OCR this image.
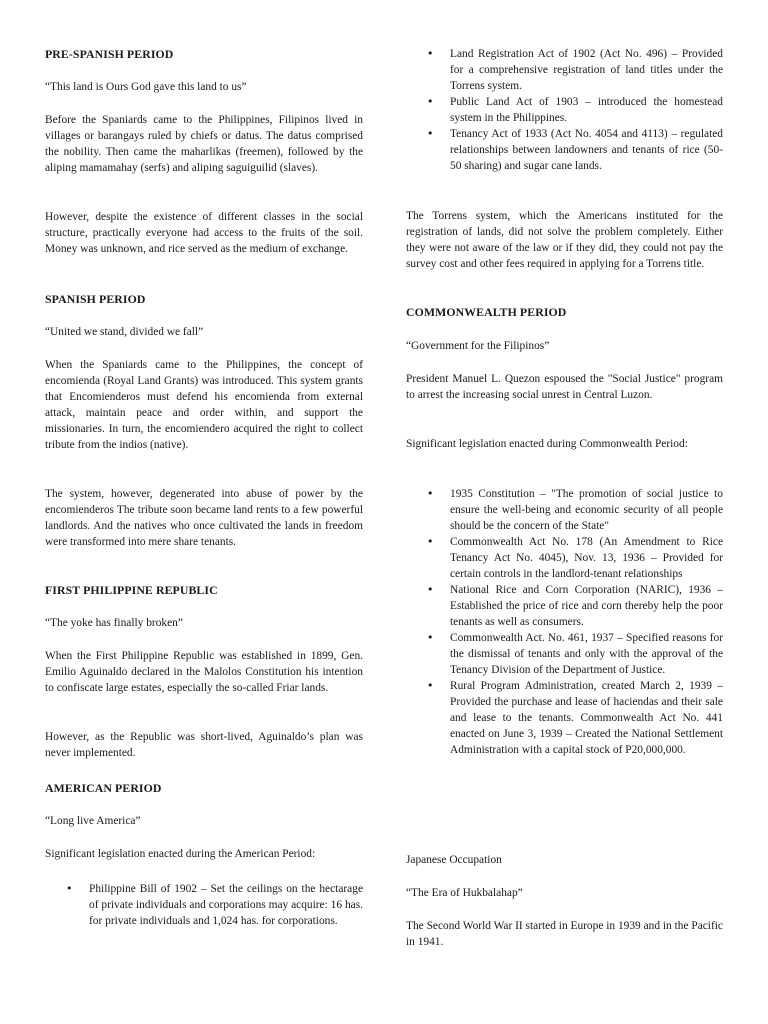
PRE-SPANISH PERIOD
“This land is Ours God gave this land to us”
Before the Spaniards came to the Philippines, Filipinos lived in villages or barangays ruled by chiefs or datus. The datus comprised the nobility. Then came the maharlikas (freemen), followed by the aliping mamamahay (serfs) and aliping saguiguilid (slaves).
However, despite the existence of different classes in the social structure, practically everyone had access to the fruits of the soil. Money was unknown, and rice served as the medium of exchange.
SPANISH PERIOD
“United we stand, divided we fall”
When the Spaniards came to the Philippines, the concept of encomienda (Royal Land Grants) was introduced. This system grants that Encomienderos must defend his encomienda from external attack, maintain peace and order within, and support the missionaries. In turn, the encomiendero acquired the right to collect tribute from the indios (native).
The system, however, degenerated into abuse of power by the encomienderos The tribute soon became land rents to a few powerful landlords. And the natives who once cultivated the lands in freedom were transformed into mere share tenants.
FIRST PHILIPPINE REPUBLIC
“The yoke has finally broken”
When the First Philippine Republic was established in 1899, Gen. Emilio Aguinaldo declared in the Malolos Constitution his intention to confiscate large estates, especially the so-called Friar lands.
However, as the Republic was short-lived, Aguinaldo’s plan was never implemented.
AMERICAN PERIOD
“Long live America”
Significant legislation enacted during the American Period:
• Philippine Bill of 1902 – Set the ceilings on the hectarage of private individuals and corporations may acquire: 16 has. for private individuals and 1,024 has. for corporations.
• Land Registration Act of 1902 (Act No. 496) – Provided for a comprehensive registration of land titles under the Torrens system.
• Public Land Act of 1903 – introduced the homestead system in the Philippines.
• Tenancy Act of 1933 (Act No. 4054 and 4113) – regulated relationships between landowners and tenants of rice (50-50 sharing) and sugar cane lands.
The Torrens system, which the Americans instituted for the registration of lands, did not solve the problem completely. Either they were not aware of the law or if they did, they could not pay the survey cost and other fees required in applying for a Torrens title.
COMMONWEALTH PERIOD
“Government for the Filipinos”
President Manuel L. Quezon espoused the "Social Justice" program to arrest the increasing social unrest in Central Luzon.
Significant legislation enacted during Commonwealth Period:
• 1935 Constitution – "The promotion of social justice to ensure the well-being and economic security of all people should be the concern of the State"
• Commonwealth Act No. 178 (An Amendment to Rice Tenancy Act No. 4045), Nov. 13, 1936 – Provided for certain controls in the landlord-tenant relationships
• National Rice and Corn Corporation (NARIC), 1936 – Established the price of rice and corn thereby help the poor tenants as well as consumers.
• Commonwealth Act. No. 461, 1937 – Specified reasons for the dismissal of tenants and only with the approval of the Tenancy Division of the Department of Justice.
• Rural Program Administration, created March 2, 1939 – Provided the purchase and lease of haciendas and their sale and lease to the tenants. Commonwealth Act No. 441 enacted on June 3, 1939 – Created the National Settlement Administration with a capital stock of P20,000,000.
Japanese Occupation
“The Era of Hukbalahap”
The Second World War II started in Europe in 1939 and in the Pacific in 1941.
